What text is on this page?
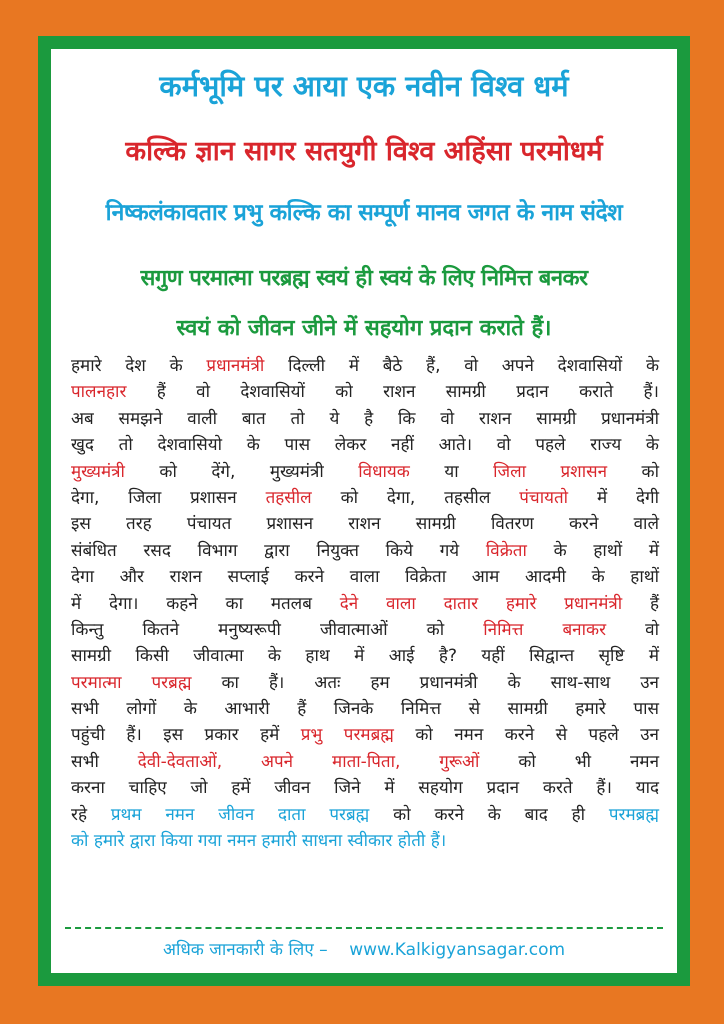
कर्मभूमि पर आया एक नवीन विश्व धर्म
कल्कि ज्ञान सागर सतयुगी विश्व अहिंसा परमोधर्म
निष्कलंकावतार प्रभु कल्कि का सम्पूर्ण मानव जगत के नाम संदेश
सगुण परमात्मा परब्रह्म स्वयं ही स्वयं के लिए निमित्त बनकर
स्वयं को जीवन जीने में सहयोग प्रदान कराते हैं।
हमारे देश के प्रधानमंत्री दिल्ली में बैठे हैं, वो अपने देशवासियों के
पालनहार हैं वो देशवासियों को राशन सामग्री प्रदान कराते हैं।
अब समझने वाली बात तो ये है कि वो राशन सामग्री प्रधानमंत्री
खुद तो देशवासियो के पास लेकर नहीं आते। वो पहले राज्य के
मुख्यमंत्री को देंगे, मुख्यमंत्री विधायक या जिला प्रशासन को
देगा, जिला प्रशासन तहसील को देगा, तहसील पंचायतो में देगी
इस तरह पंचायत प्रशासन राशन सामग्री वितरण करने वाले
संबंधित रसद विभाग द्वारा नियुक्त किये गये विक्रेता के हाथों में
देगा और राशन सप्लाई करने वाला विक्रेता आम आदमी के हाथों
में देगा। कहने का मतलब देने वाला दातार हमारे प्रधानमंत्री हैं
किन्तु कितने मनुष्यरूपी जीवात्माओं को निमित्त बनाकर वो
सामग्री किसी जीवात्मा के हाथ में आई है? यहीं सिद्वान्त सृष्टि में
परमात्मा परब्रह्म का हैं। अतः हम प्रधानमंत्री के साथ-साथ उन
सभी लोगों के आभारी हैं जिनके निमित्त से सामग्री हमारे पास
पहुंची हैं। इस प्रकार हमें प्रभु परमब्रह्म को नमन करने से पहले उन
सभी देवी-देवताओं, अपने माता-पिता, गुरूओं को भी नमन
करना चाहिए जो हमें जीवन जिने में सहयोग प्रदान करते हैं। याद
रहे प्रथम नमन जीवन दाता परब्रह्म को करने के बाद ही परमब्रह्म
को हमारे द्वारा किया गया नमन हमारी साधना स्वीकार होती हैं।
अधिक जानकारी के लिए – www.Kalkigyansagar.com
